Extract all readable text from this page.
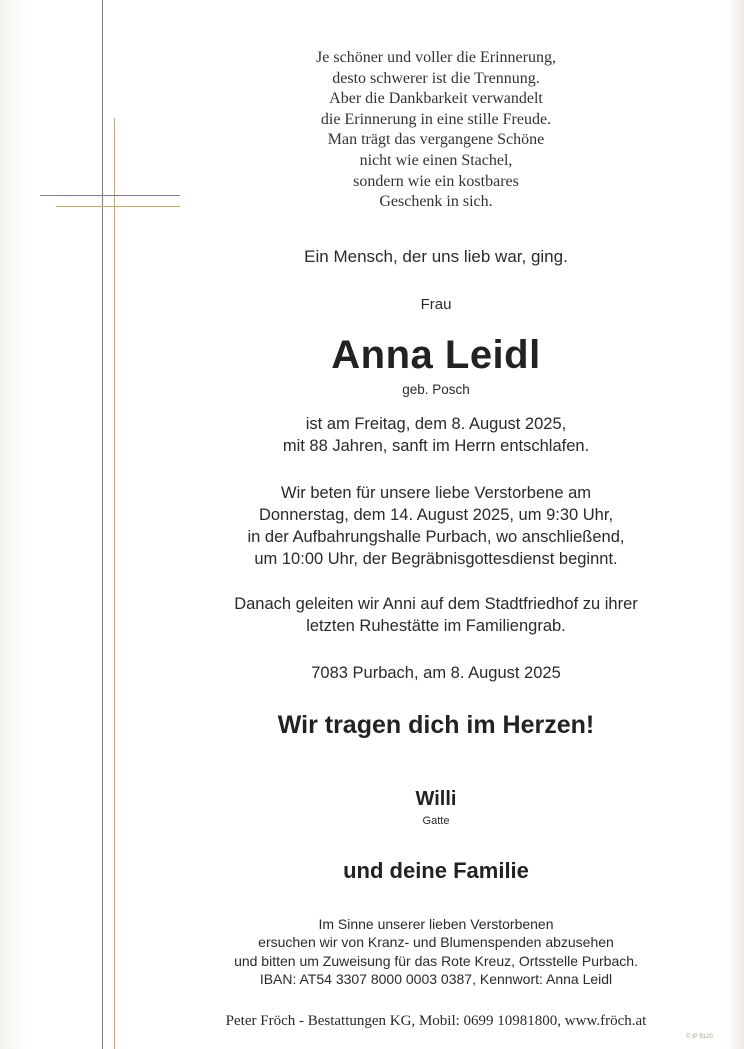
Je schöner und voller die Erinnerung,
desto schwerer ist die Trennung.
Aber die Dankbarkeit verwandelt
die Erinnerung in eine stille Freude.
Man trägt das vergangene Schöne
nicht wie einen Stachel,
sondern wie ein kostbares
Geschenk in sich.
Ein Mensch, der uns lieb war, ging.
Frau
Anna Leidl
geb. Posch
ist am Freitag, dem 8. August 2025,
mit 88 Jahren, sanft im Herrn entschlafen.
Wir beten für unsere liebe Verstorbene am
Donnerstag, dem 14. August 2025, um 9:30 Uhr,
in der Aufbahrungshalle Purbach, wo anschließend,
um 10:00 Uhr, der Begräbnisgottesdienst beginnt.
Danach geleiten wir Anni auf dem Stadtfriedhof zu ihrer
letzten Ruhestätte im Familiengrab.
7083 Purbach, am 8. August 2025
Wir tragen dich im Herzen!
Willi
Gatte
und deine Familie
Im Sinne unserer lieben Verstorbenen
ersuchen wir von Kranz- und Blumenspenden abzusehen
und bitten um Zuweisung für das Rote Kreuz, Ortsstelle Purbach.
IBAN: AT54 3307 8000 0003 0387, Kennwort: Anna Leidl
Peter Fröch - Bestattungen KG, Mobil: 0699 10981800, www.fröch.at
© IP 9120
